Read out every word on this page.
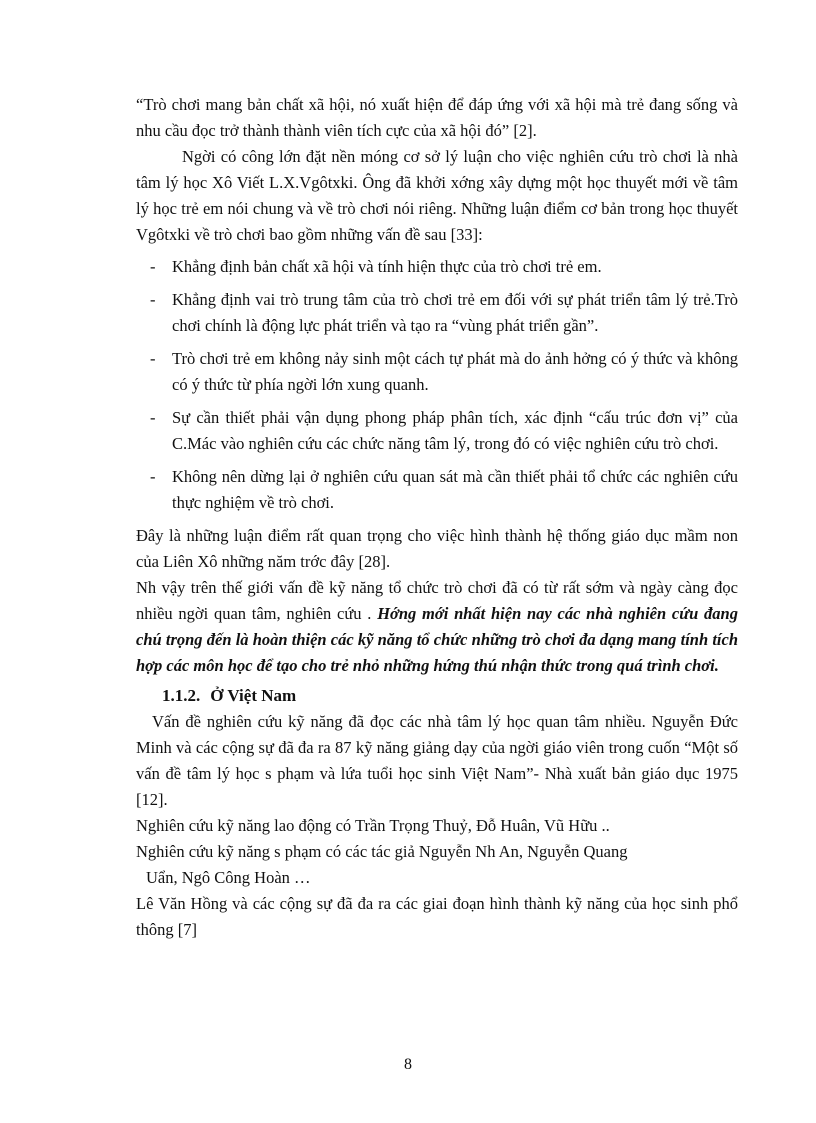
“Trò chơi mang bản chất xã hội, nó xuất hiện để đáp ứng với xã hội mà trẻ đang sống và nhu cầu đọc trở thành thành viên tích cực của xã hội đó” [2].

Ngời có công lớn đặt nền móng cơ sở lý luận cho việc nghiên cứu trò chơi là nhà tâm lý học Xô Viết L.X.Vgôtxki. Ông đã khởi xớng xây dựng một học thuyết mới về tâm lý học trẻ em nói chung và về trò chơi nói riêng. Những luận điểm cơ bản trong học thuyết Vgôtxki về trò chơi bao gồm những vấn đề sau [33]:

- Khẳng định bản chất xã hội và tính hiện thực của trò chơi trẻ em.
- Khẳng định vai trò trung tâm của trò chơi trẻ em đối với sự phát triển tâm lý trẻ.Trò chơi chính là động lực phát triển và tạo ra “vùng phát triển gần”.
- Trò chơi trẻ em không nảy sinh một cách tự phát mà do ảnh hởng có ý thức và không có ý thức từ phía ngời lớn xung quanh.
- Sự cần thiết phải vận dụng phong pháp phân tích, xác định “cấu trúc đơn vị” của C.Mác vào nghiên cứu các chức năng tâm lý, trong đó có việc nghiên cứu trò chơi.
- Không nên dừng lại ở nghiên cứu quan sát mà cần thiết phải tổ chức các nghiên cứu thực nghiệm về trò chơi.

Đây là những luận điểm rất quan trọng cho việc hình thành hệ thống giáo dục mầm non của Liên Xô những năm trớc đây [28].

Nh vậy trên thế giới vấn đề kỹ năng tổ chức trò chơi đã có từ rất sớm và ngày càng đọc nhiều ngời quan tâm, nghiên cứu . Hớng mới nhất hiện nay các nhà nghiên cứu đang chú trọng đến là hoàn thiện các kỹ năng tổ chức những trò chơi đa dạng mang tính tích hợp các môn học để tạo cho trẻ nhỏ những hứng thú nhận thức trong quá trình chơi.

1.1.2. Ở Việt Nam

Vấn đề nghiên cứu kỹ năng đã đọc các nhà tâm lý học quan tâm nhiều. Nguyễn Đức Minh và các cộng sự đã đa ra 87 kỹ năng giảng dạy của ngời giáo viên trong cuốn “Một số vấn đề tâm lý học s phạm và lứa tuổi học sinh Việt Nam”- Nhà xuất bản giáo dục 1975 [12].

Nghiên cứu kỹ năng lao động có Trần Trọng Thuỷ, Đỗ Huân, Vũ Hữu ..

Nghiên cứu kỹ năng s phạm có các tác giả Nguyễn Nh An, Nguyễn Quang

Uẩn, Ngô Công Hoàn …

Lê Văn Hồng và các cộng sự đã đa ra các giai đoạn hình thành kỹ năng của học sinh phổ thông [7]

8
